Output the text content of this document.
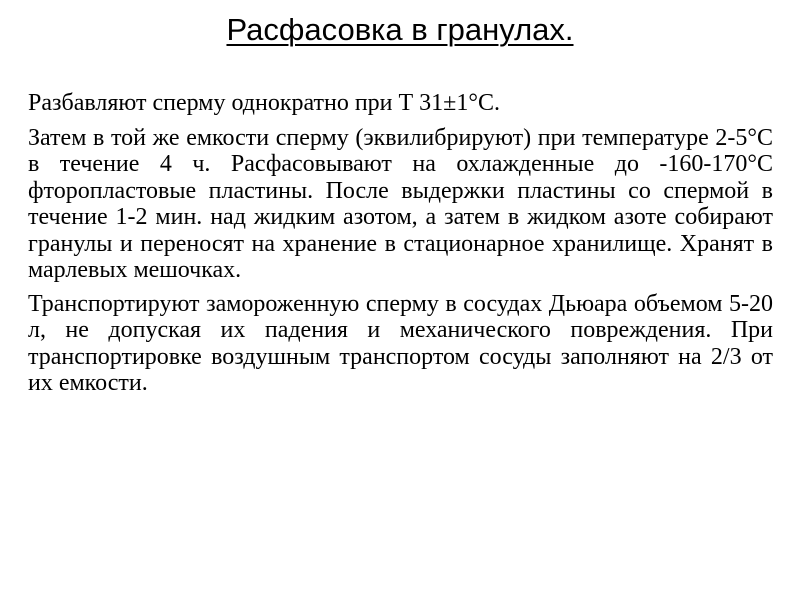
Расфасовка в гранулах.

Разбавляют сперму однократно при Т 31±1°С.

Затем в той же емкости сперму (эквилибрируют) при температуре 2-5°С в течение 4 ч. Расфасовывают на охлажденные до -160-170°С фторопластовые пластины. После выдержки пластины со спермой в течение 1-2 мин. над жидким азотом, а затем в жидком азоте собирают гранулы и переносят на хранение в стационарное хранилище. Хранят в марлевых мешочках.

Транспортируют замороженную сперму в сосудах Дьюара объемом 5-20 л, не допуская их падения и механического повреждения. При транспортировке воздушным транспортом сосуды заполняют на 2/3 от их емкости.
